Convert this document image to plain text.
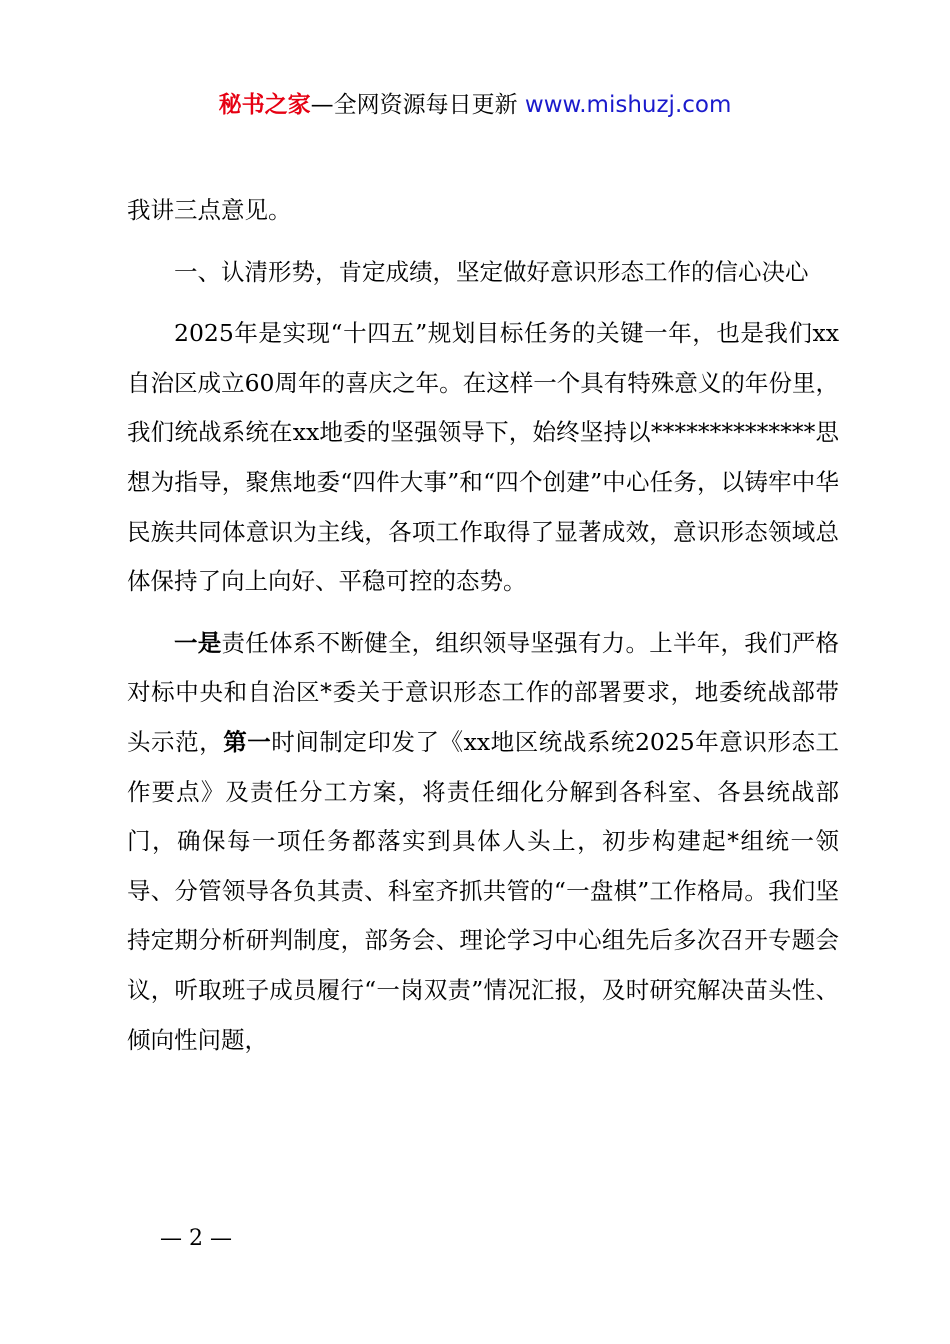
秘书之家—全网资源每日更新 www.mishuzj.com

我讲三点意见。

一、认清形势，肯定成绩，坚定做好意识形态工作的信心决心

2025年是实现“十四五”规划目标任务的关键一年，也是我们xx自治区成立60周年的喜庆之年。在这样一个具有特殊意义的年份里，我们统战系统在xx地委的坚强领导下，始终坚持以**************思想为指导，聚焦地委“四件大事”和“四个创建”中心任务，以铸牢中华民族共同体意识为主线，各项工作取得了显著成效，意识形态领域总体保持了向上向好、平稳可控的态势。

一是责任体系不断健全，组织领导坚强有力。上半年，我们严格对标中央和自治区*委关于意识形态工作的部署要求，地委统战部带头示范，第一时间制定印发了《xx地区统战系统2025年意识形态工作要点》及责任分工方案，将责任细化分解到各科室、各县统战部门，确保每一项任务都落实到具体人头上，初步构建起*组统一领导、分管领导各负其责、科室齐抓共管的“一盘棋”工作格局。我们坚持定期分析研判制度，部务会、理论学习中心组先后多次召开专题会议，听取班子成员履行“一岗双责”情况汇报，及时研究解决苗头性、倾向性问题，

— 2 —
